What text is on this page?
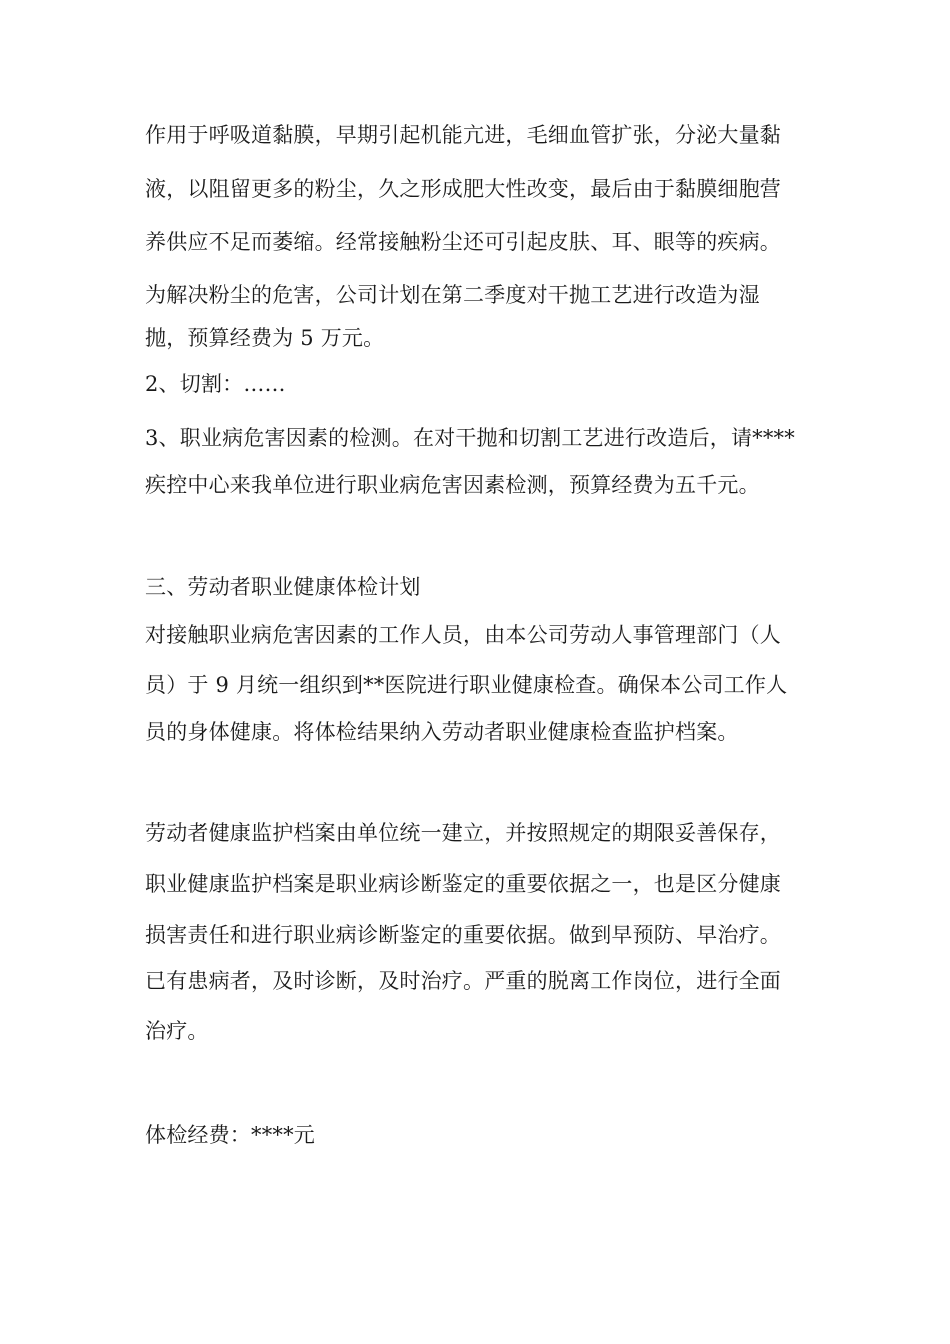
作用于呼吸道黏膜，早期引起机能亢进，毛细血管扩张，分泌大量黏
液，以阻留更多的粉尘，久之形成肥大性改变，最后由于黏膜细胞营
养供应不足而萎缩。经常接触粉尘还可引起皮肤、耳、眼等的疾病。
为解决粉尘的危害，公司计划在第二季度对干抛工艺进行改造为湿
抛，预算经费为 5 万元。
2、切割：……
3、职业病危害因素的检测。在对干抛和切割工艺进行改造后，请****
疾控中心来我单位进行职业病危害因素检测，预算经费为五千元。
三、劳动者职业健康体检计划
对接触职业病危害因素的工作人员，由本公司劳动人事管理部门（人
员）于 9 月统一组织到**医院进行职业健康检查。确保本公司工作人
员的身体健康。将体检结果纳入劳动者职业健康检查监护档案。
劳动者健康监护档案由单位统一建立，并按照规定的期限妥善保存，
职业健康监护档案是职业病诊断鉴定的重要依据之一，也是区分健康
损害责任和进行职业病诊断鉴定的重要依据。做到早预防、早治疗。
已有患病者，及时诊断，及时治疗。严重的脱离工作岗位，进行全面
治疗。
体检经费：****元
